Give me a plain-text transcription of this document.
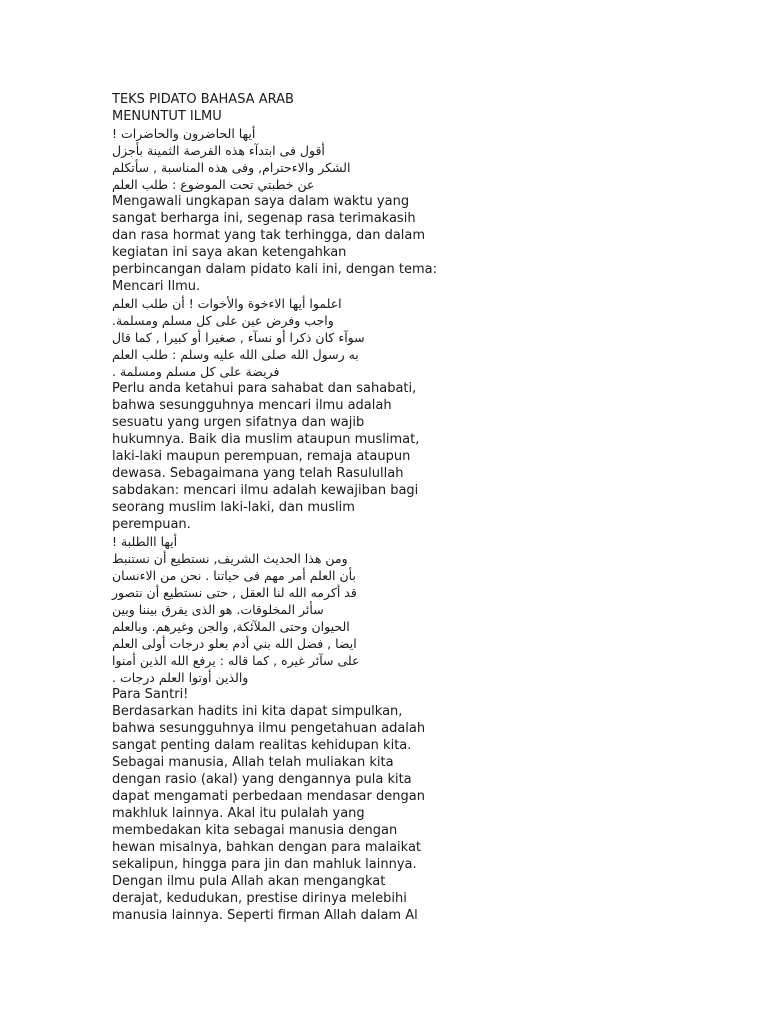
TEKS PIDATO BAHASA ARAB
MENUNTUT ILMU
أيها الحاضرون والحاضرات !
أقول فى ابتدآء هذه الفرصة الثمينة بأجزل
الشكر والاءحترام, وفى هذه المناسبة , سأتكلم
عن خطبتي تحت الموضوع : طلب العلم
Mengawali ungkapan saya dalam waktu yang
sangat berharga ini, segenap rasa terimakasih
dan rasa hormat yang tak terhingga, dan dalam
kegiatan ini saya akan ketengahkan
perbincangan dalam pidato kali ini, dengan tema:
Mencari Ilmu.
اعلموا أيها الاءخوة والأخوات ! أن طلب العلم
واجب وفرض عين على كل مسلم ومسلمة.
سوآء كان ذكرا أو نسآء , صغيرا أو كبيرا , كما قال
به رسول الله صلى الله عليه وسلم : طلب العلم
فريضة على كل مسلم ومسلمة .
Perlu anda ketahui para sahabat dan sahabati,
bahwa sesungguhnya mencari ilmu adalah
sesuatu yang urgen sifatnya dan wajib
hukumnya. Baik dia muslim ataupun muslimat,
laki-laki maupun perempuan, remaja ataupun
dewasa. Sebagaimana yang telah Rasulullah
sabdakan: mencari ilmu adalah kewajiban bagi
seorang muslim laki-laki, dan muslim
perempuan.
أيها االطلبة !
ومن هذا الحديث الشريف, نستطيع أن نستنبط
بأن العلم أمر مهم فى حياتنا . نحن من الاءنسان
قد أكرمه الله لنا العقل , حتى نستطيع أن نتصور
سأئر المخلوقات. هو الذى يفرق بيننا وبين
الحيوان وحتى الملآئكة, والجن وغيرهم. وبالعلم
ايضا , فضل الله بني أدم بعلو درجات أولى العلم
على سآئر غيره , كما قاله : يرفع الله الذين أمنوا
والذين أوتوا العلم درجات .
Para Santri!
Berdasarkan hadits ini kita dapat simpulkan,
bahwa sesungguhnya ilmu pengetahuan adalah
sangat penting dalam realitas kehidupan kita.
Sebagai manusia, Allah telah muliakan kita
dengan rasio (akal) yang dengannya pula kita
dapat mengamati perbedaan mendasar dengan
makhluk lainnya. Akal itu pulalah yang
membedakan kita sebagai manusia dengan
hewan misalnya, bahkan dengan para malaikat
sekalipun, hingga para jin dan mahluk lainnya.
Dengan ilmu pula Allah akan mengangkat
derajat, kedudukan, prestise dirinya melebihi
manusia lainnya. Seperti firman Allah dalam Al
